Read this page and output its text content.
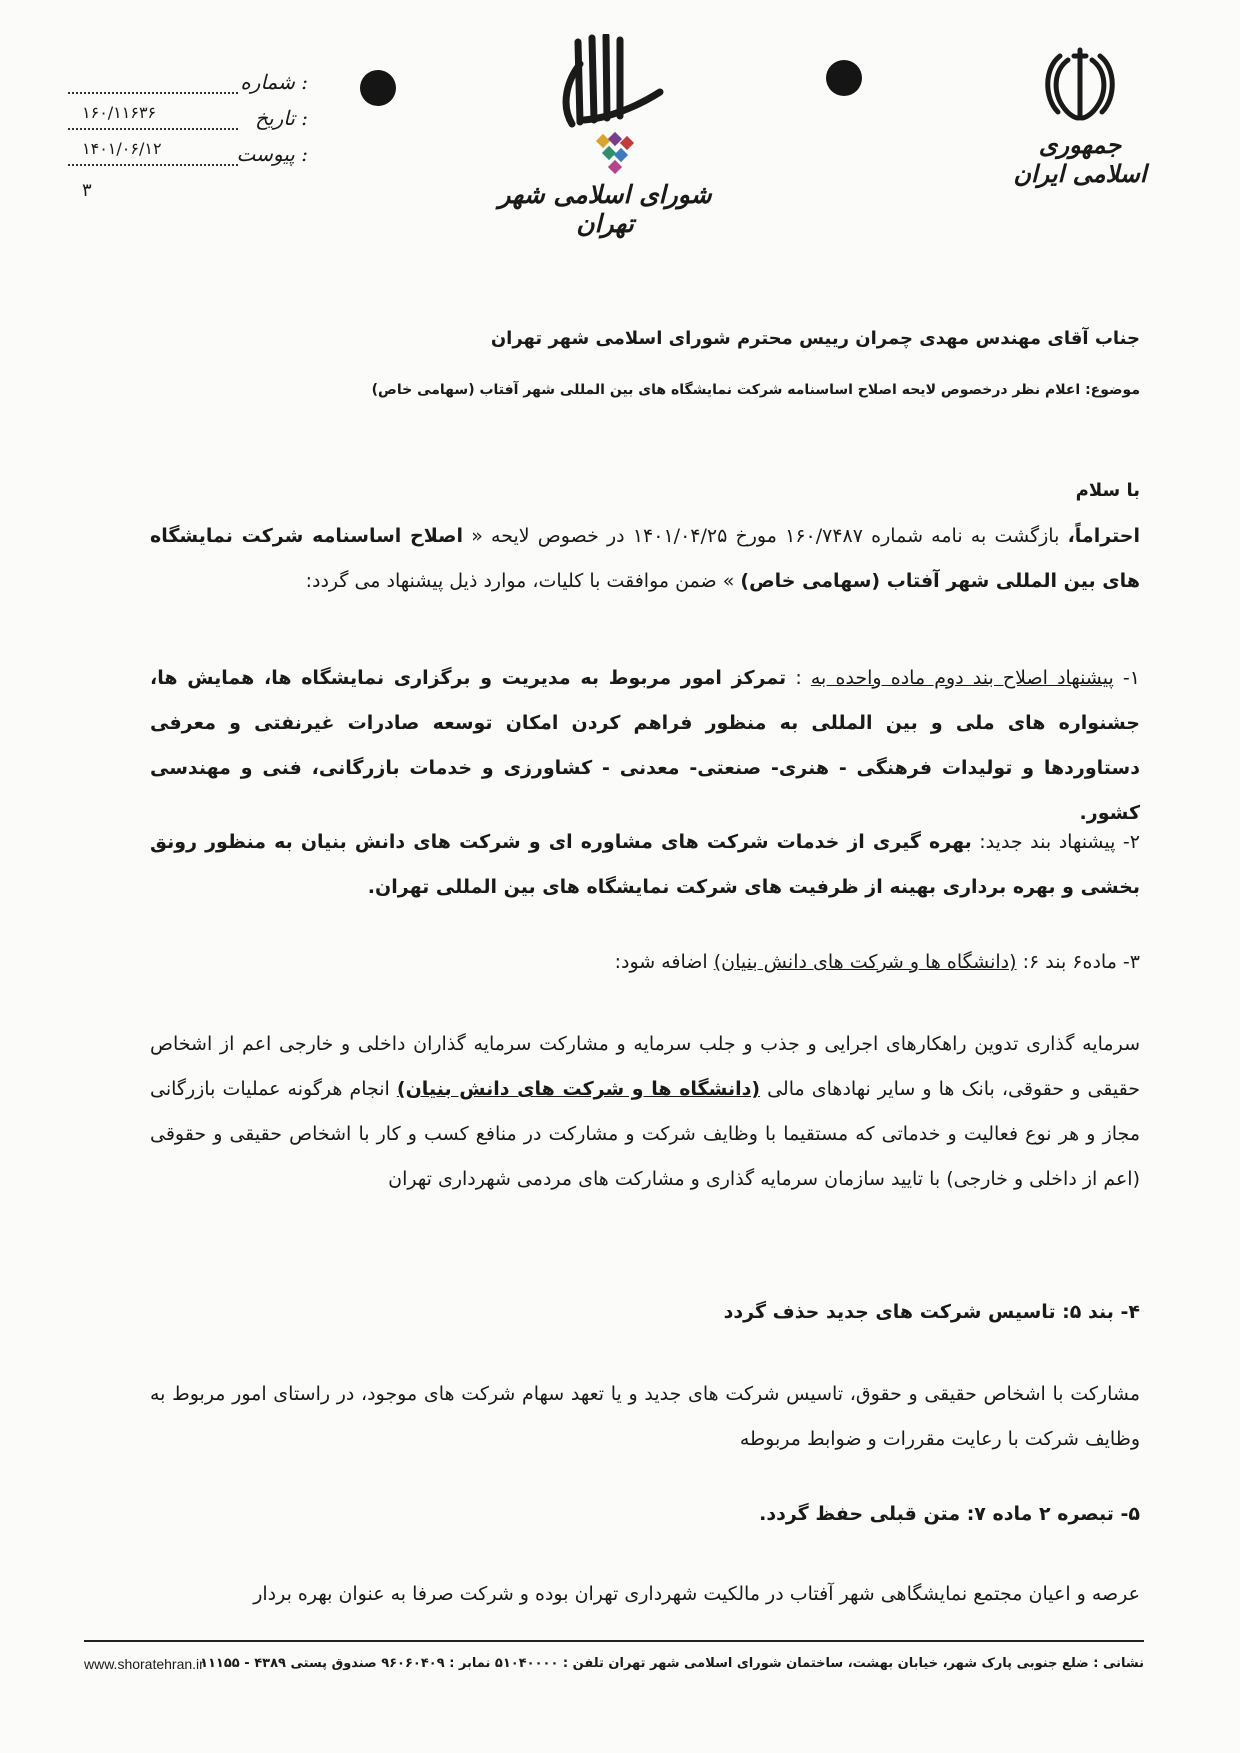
شماره :
تاریخ :
۱۶۰/۱۱۶۳۶
پیوست :
۱۴۰۱/۰۶/۱۲
۳	شورای اسلامی شهر تهران
جمهوری اسلامی ایران
جناب آقای مهندس مهدی چمران رییس محترم شورای اسلامی شهر تهران
موضوع: اعلام نظر درخصوص لایحه اصلاح اساسنامه شرکت نمایشگاه های بین المللی شهر آفتاب (سهامی خاص)
با سلام
احتراماً، بازگشت به نامه شماره ۱۶۰/۷۴۸۷ مورخ ۱۴۰۱/۰۴/۲۵ در خصوص لایحه « اصلاح اساسنامه شرکت نمایشگاه های بین المللی شهر آفتاب (سهامی خاص) » ضمن موافقت با کلیات، موارد ذیل پیشنهاد می گردد:
۱- پیشنهاد اصلاح بند دوم ماده واحده به : تمرکز امور مربوط به مدیریت و برگزاری نمایشگاه ها، همایش ها، جشنواره های ملی و بین المللی به منظور فراهم کردن امکان توسعه صادرات غیرنفتی و معرفی دستاوردها و تولیدات فرهنگی - هنری- صنعتی- معدنی - کشاورزی و خدمات بازرگانی، فنی و مهندسی کشور.
۲- پیشنهاد بند جدید: بهره گیری از خدمات شرکت های مشاوره ای و شرکت های دانش بنیان به منظور رونق بخشی و بهره برداری بهینه از ظرفیت های شرکت نمایشگاه های بین المللی تهران.
۳- ماده۶ بند ۶: (دانشگاه ها و شرکت های دانش بنیان) اضافه شود:
سرمایه گذاری تدوین راهکارهای اجرایی و جذب و جلب سرمایه و مشارکت سرمایه گذاران داخلی و خارجی اعم از اشخاص حقیقی و حقوقی، بانک ها و سایر نهادهای مالی (دانشگاه ها و شرکت های دانش بنیان) انجام هرگونه عملیات بازرگانی مجاز و هر نوع فعالیت و خدماتی که مستقیما با وظایف شرکت و مشارکت در منافع کسب و کار با اشخاص حقیقی و حقوقی (اعم از داخلی و خارجی) با تایید سازمان سرمایه گذاری و مشارکت های مردمی شهرداری تهران
۴- بند ۵: تاسیس شرکت های جدید حذف گردد
مشارکت با اشخاص حقیقی و حقوق، تاسیس شرکت های جدید و یا تعهد سهام شرکت های موجود، در راستای امور مربوط به وظایف شرکت با رعایت مقررات و ضوابط مربوطه
۵- تبصره ۲ ماده ۷: متن قبلی حفظ گردد.
عرصه و اعیان مجتمع نمایشگاهی شهر آفتاب در مالکیت شهرداری تهران بوده و شرکت صرفا به عنوان بهره بردار
نشانی : ضلع جنوبی پارک شهر، خیابان بهشت، ساختمان شورای اسلامی شهر تهران تلفن : ۵۱۰۴۰۰۰۰ نمابر : ۹۶۰۶۰۴۰۹ صندوق پستی ۴۳۸۹ - ۱۱۱۵۵
www.shoratehran.ir
